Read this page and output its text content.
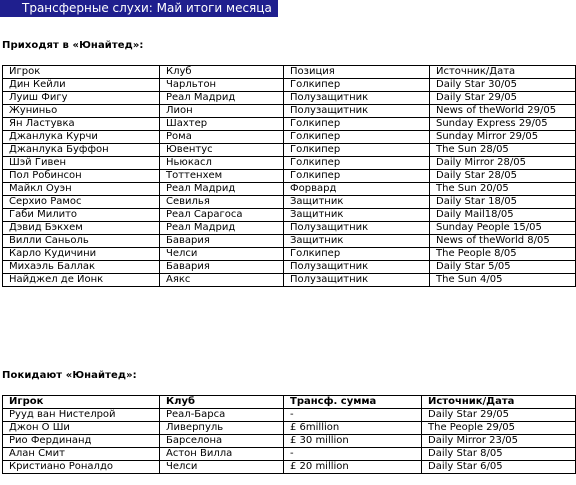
Трансферные слухи: Май итоги месяца
Приходят в «Юнайтед»:
Игрок	Клуб	Позиция	Источник/Дата
Дин Кейли	Чарльтон	Голкипер	Daily Star 30/05
Луиш Фигу	Реал Мадрид	Полузащитник	Daily Star 29/05
Жуниньо	Лион	Полузащитник	News of theWorld 29/05
Ян Ластувка	Шахтер	Голкипер	Sunday Express 29/05
Джанлука Курчи	Рома	Голкипер	Sunday Mirror 29/05
Джанлука Буффон	Ювентус	Голкипер	The Sun 28/05
Шэй Гивен	Ньюкасл	Голкипер	Daily Mirror 28/05
Пол Робинсон	Тоттенхем	Голкипер	Daily Star 28/05
Майкл Оуэн	Реал Мадрид	Форвард	The Sun 20/05
Серхио Рамос	Севилья	Защитник	Daily Star 18/05
Габи Милито	Реал Сарагоса	Защитник	Daily Mail18/05
Дэвид Бэкхем	Реал Мадрид	Полузащитник	Sunday People 15/05
Вилли Саньоль	Бавария	Защитник	News of theWorld 8/05
Карло Кудичини	Челси	Голкипер	The People 8/05
Михаэль Баллак	Бавария	Полузащитник	Daily Star 5/05
Найджел де Йонк	Аякс	Полузащитник	The Sun 4/05
Покидают «Юнайтед»:
Игрок	Клуб	Трансф. сумма	Источник/Дата
Рууд ван Нистелрой	Реал-Барса	-	Daily Star 29/05
Джон О Ши	Ливерпуль	£ 6million	The People 29/05
Рио Фердинанд	Барселона	£ 30 million	Daily Mirror 23/05
Алан Смит	Астон Вилла	-	Daily Star 8/05
Криcтиано Роналдо	Челси	£ 20 million	Daily Star 6/05
